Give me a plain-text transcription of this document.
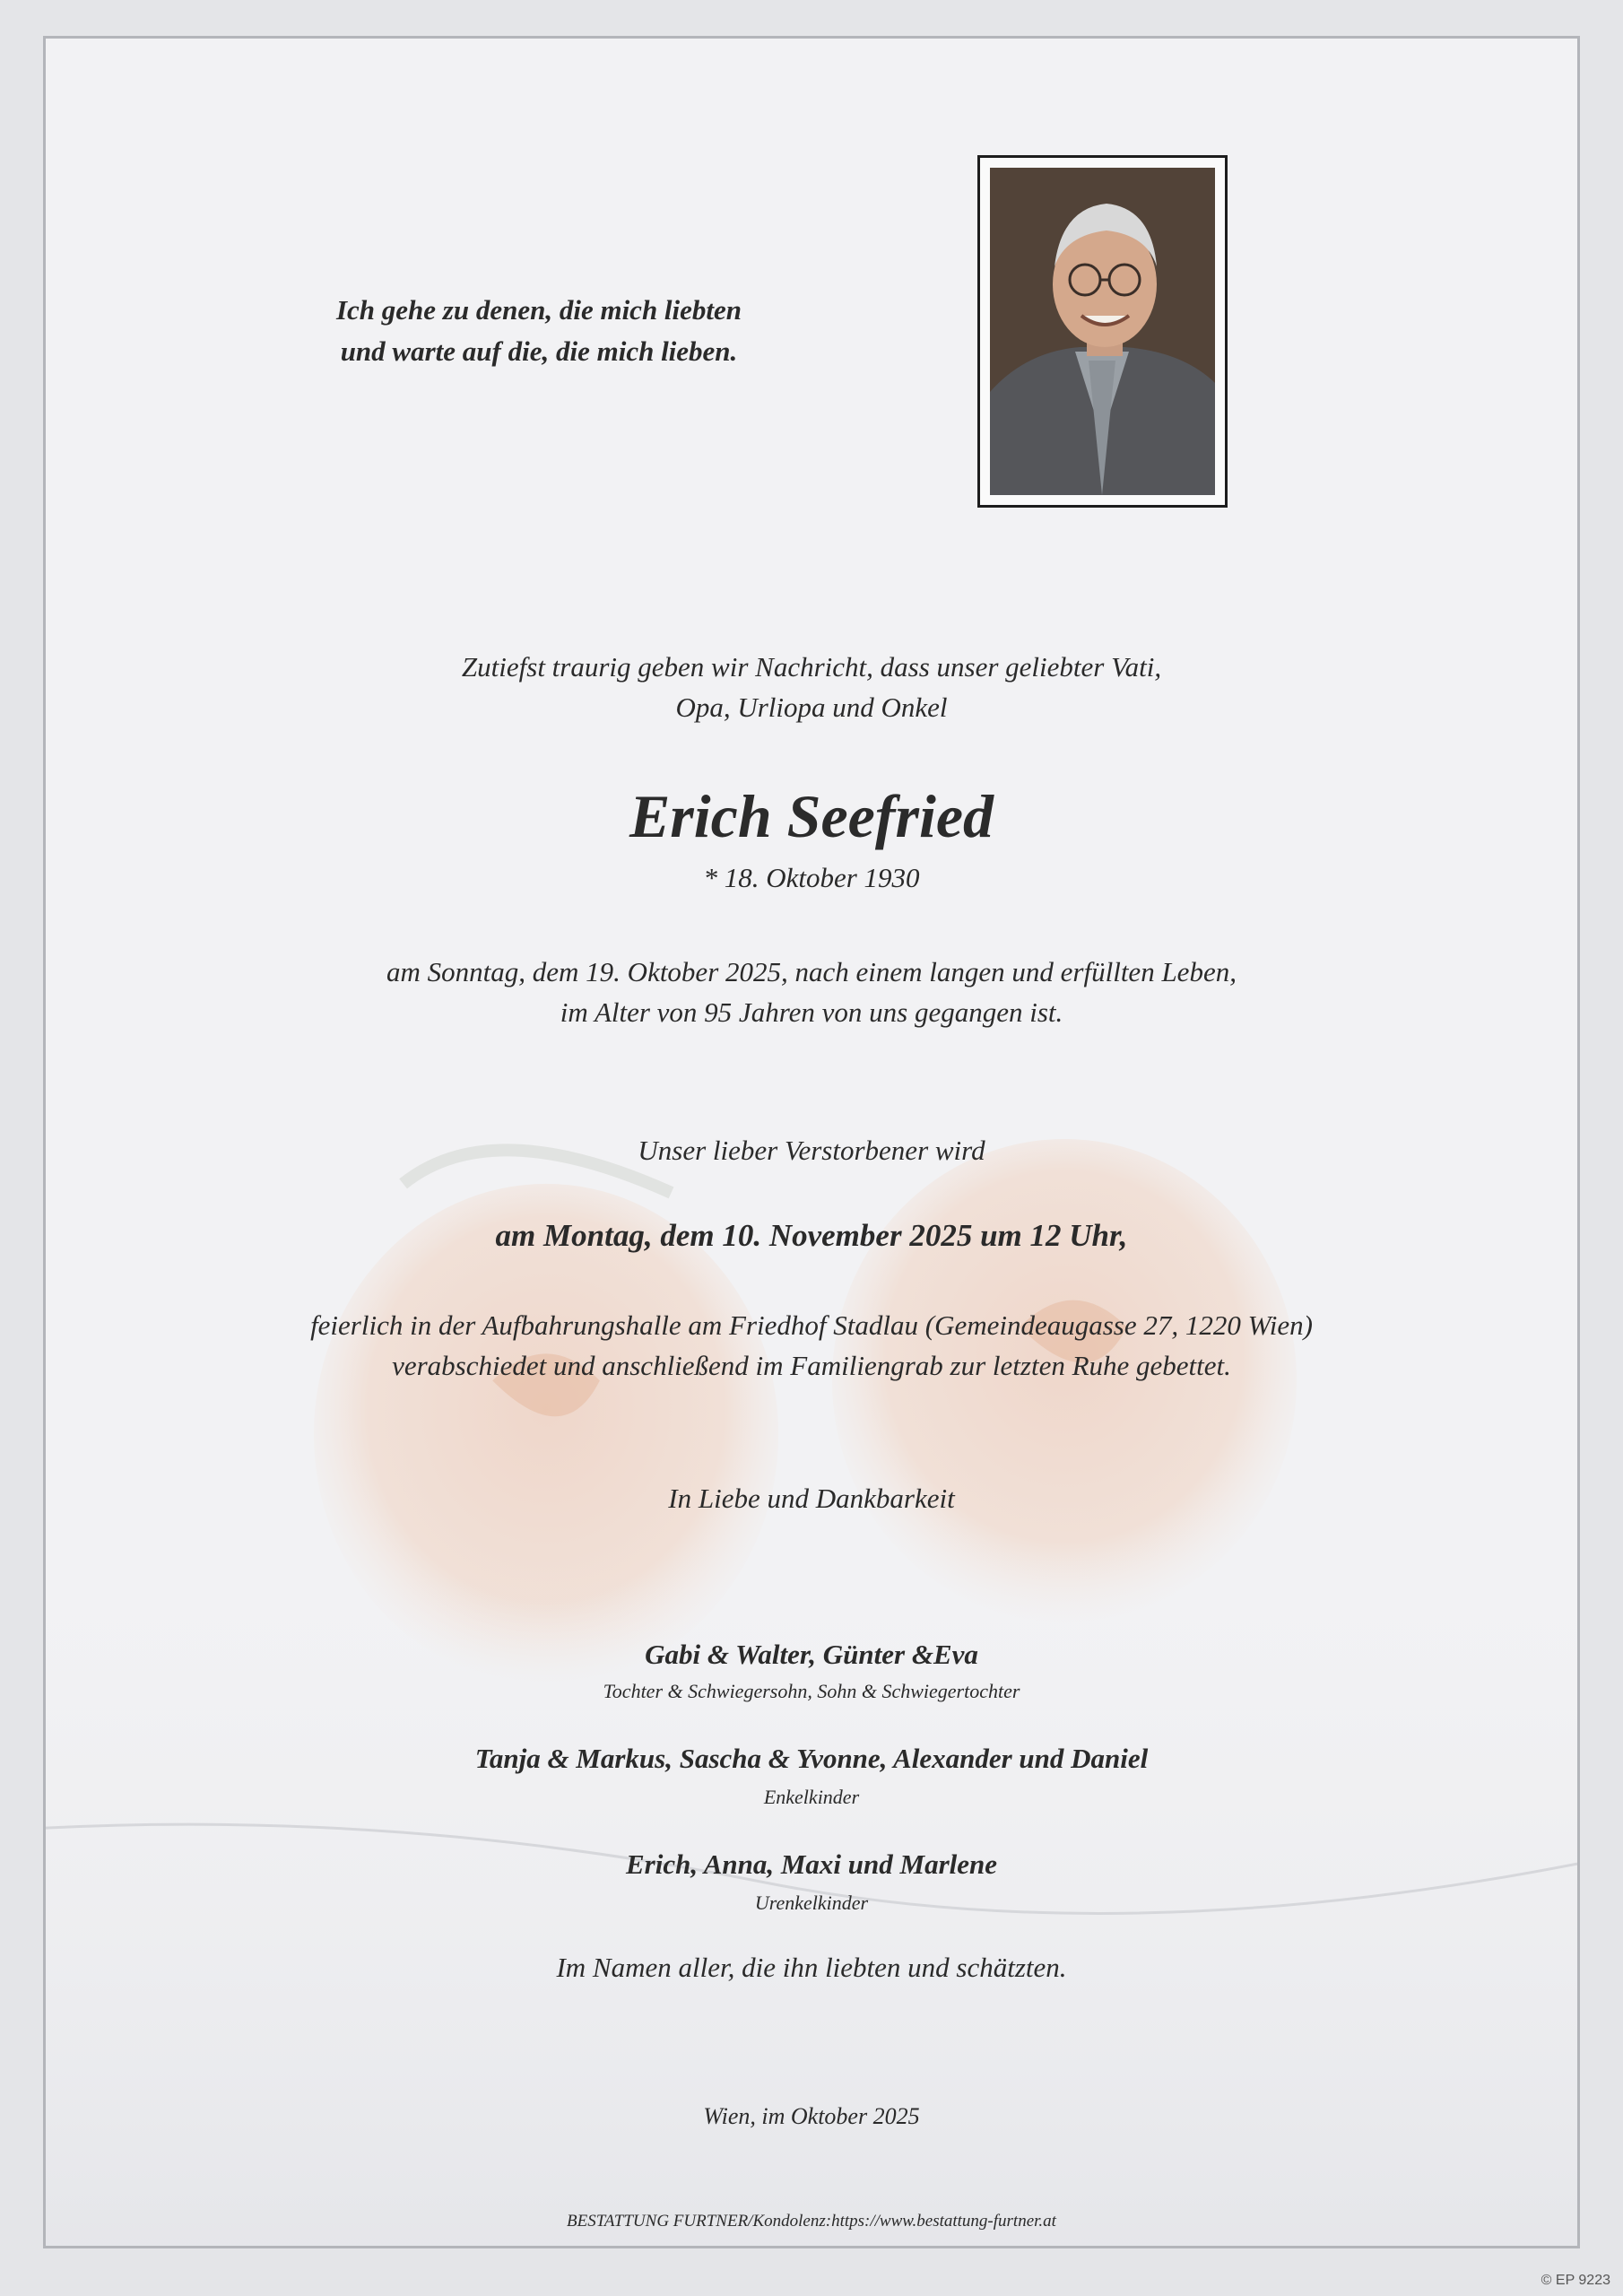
Ich gehe zu denen, die mich liebten
und warte auf die, die mich lieben.
Zutiefst traurig geben wir Nachricht, dass unser geliebter Vati,
Opa, Urliopa und Onkel
Erich Seefried
* 18. Oktober 1930
am Sonntag, dem 19. Oktober 2025, nach einem langen und erfüllten Leben,
im Alter von 95 Jahren von uns gegangen ist.
Unser lieber Verstorbener wird
am Montag, dem 10. November 2025 um 12 Uhr,
feierlich in der Aufbahrungshalle am Friedhof Stadlau (Gemeindeaugasse 27, 1220 Wien)
verabschiedet und anschließend im Familiengrab zur letzten Ruhe gebettet.
In Liebe und Dankbarkeit
Gabi & Walter, Günter &Eva
Tochter & Schwiegersohn, Sohn & Schwiegertochter
Tanja & Markus, Sascha & Yvonne, Alexander und Daniel
Enkelkinder
Erich, Anna, Maxi und Marlene
Urenkelkinder
Im Namen aller, die ihn liebten und schätzten.
Wien, im Oktober 2025
BESTATTUNG FURTNER/Kondolenz:https://www.bestattung-furtner.at
© EP 9223
